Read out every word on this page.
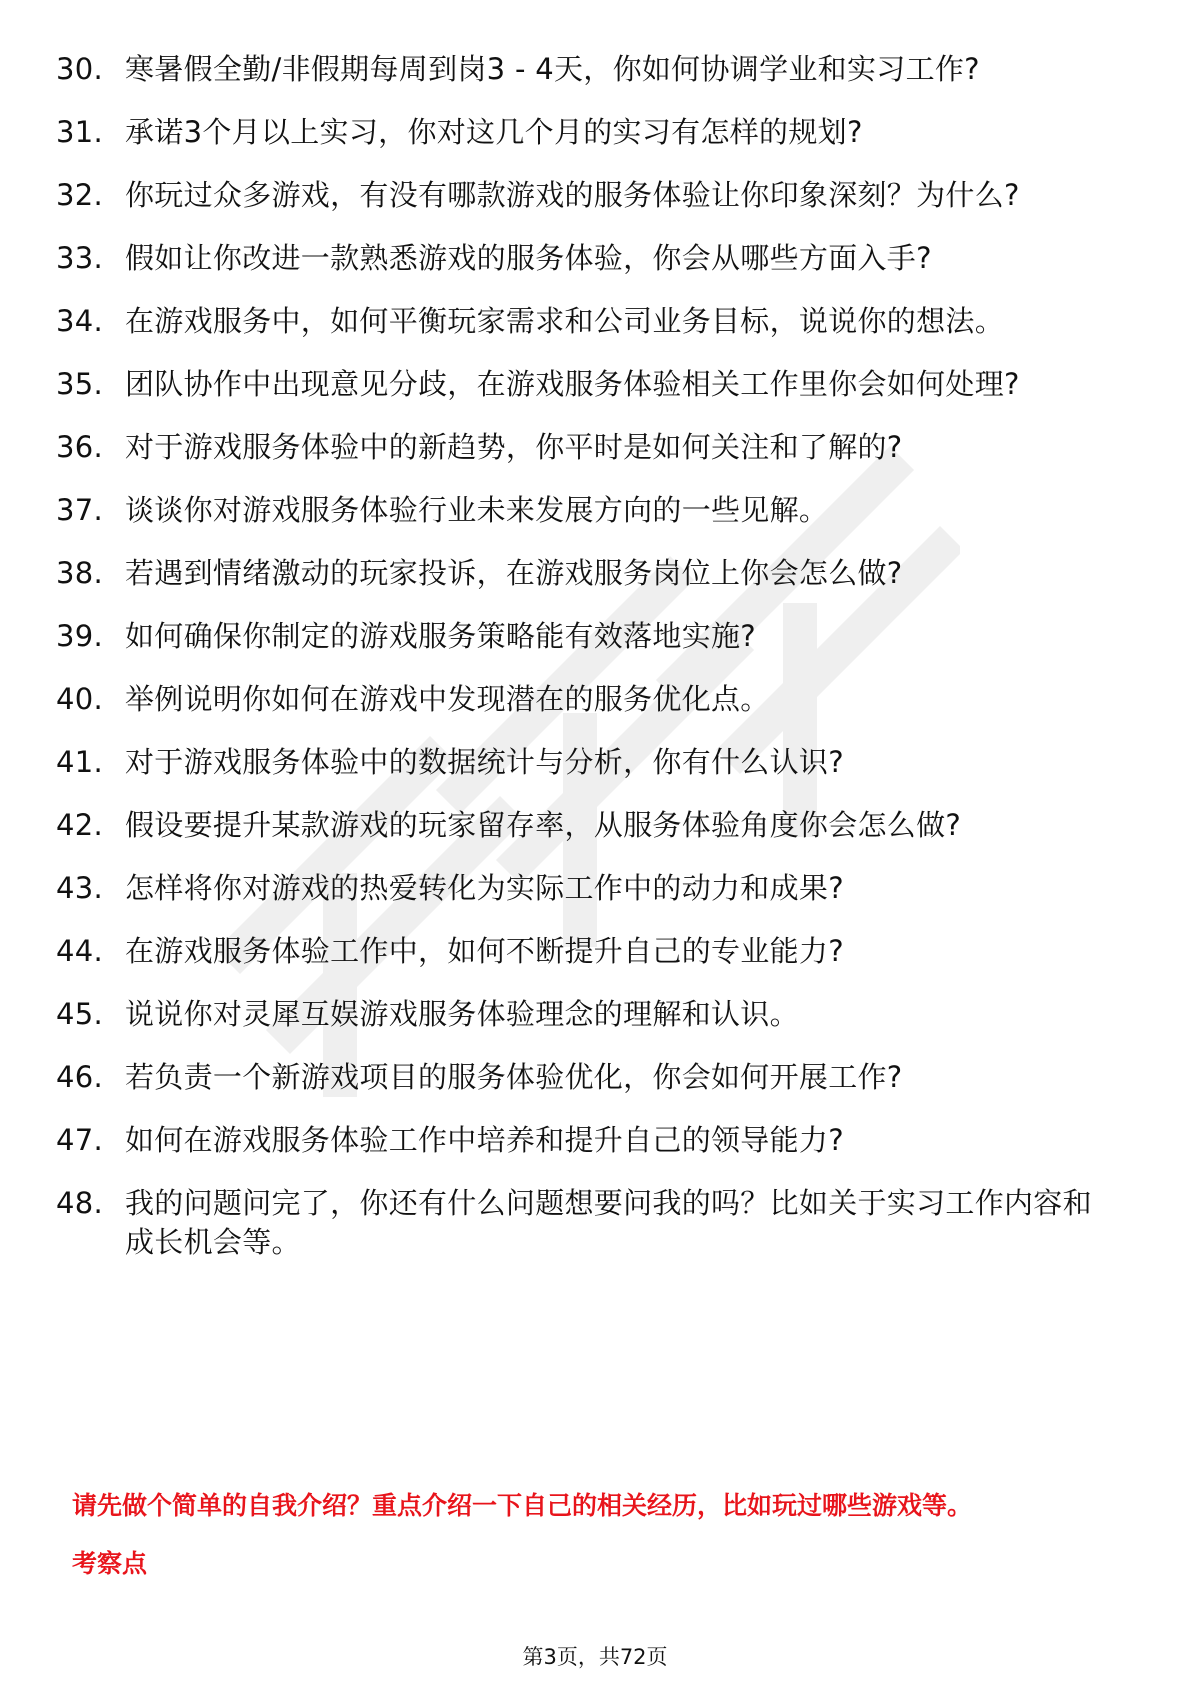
30. 寒暑假全勤/非假期每周到岗3 - 4天，你如何协调学业和实习工作?
31. 承诺3个月以上实习，你对这几个月的实习有怎样的规划?
32. 你玩过众多游戏，有没有哪款游戏的服务体验让你印象深刻？为什么?
33. 假如让你改进一款熟悉游戏的服务体验，你会从哪些方面入手?
34. 在游戏服务中，如何平衡玩家需求和公司业务目标，说说你的想法。
35. 团队协作中出现意见分歧，在游戏服务体验相关工作里你会如何处理?
36. 对于游戏服务体验中的新趋势，你平时是如何关注和了解的?
37. 谈谈你对游戏服务体验行业未来发展方向的一些见解。
38. 若遇到情绪激动的玩家投诉，在游戏服务岗位上你会怎么做?
39. 如何确保你制定的游戏服务策略能有效落地实施?
40. 举例说明你如何在游戏中发现潜在的服务优化点。
41. 对于游戏服务体验中的数据统计与分析，你有什么认识?
42. 假设要提升某款游戏的玩家留存率，从服务体验角度你会怎么做?
43. 怎样将你对游戏的热爱转化为实际工作中的动力和成果?
44. 在游戏服务体验工作中，如何不断提升自己的专业能力?
45. 说说你对灵犀互娱游戏服务体验理念的理解和认识。
46. 若负责一个新游戏项目的服务体验优化，你会如何开展工作?
47. 如何在游戏服务体验工作中培养和提升自己的领导能力?
48. 我的问题问完了，你还有什么问题想要问我的吗？比如关于实习工作内容和成长机会等。
请先做个简单的自我介绍？重点介绍一下自己的相关经历，比如玩过哪些游戏等。
考察点
第3页，共72页
